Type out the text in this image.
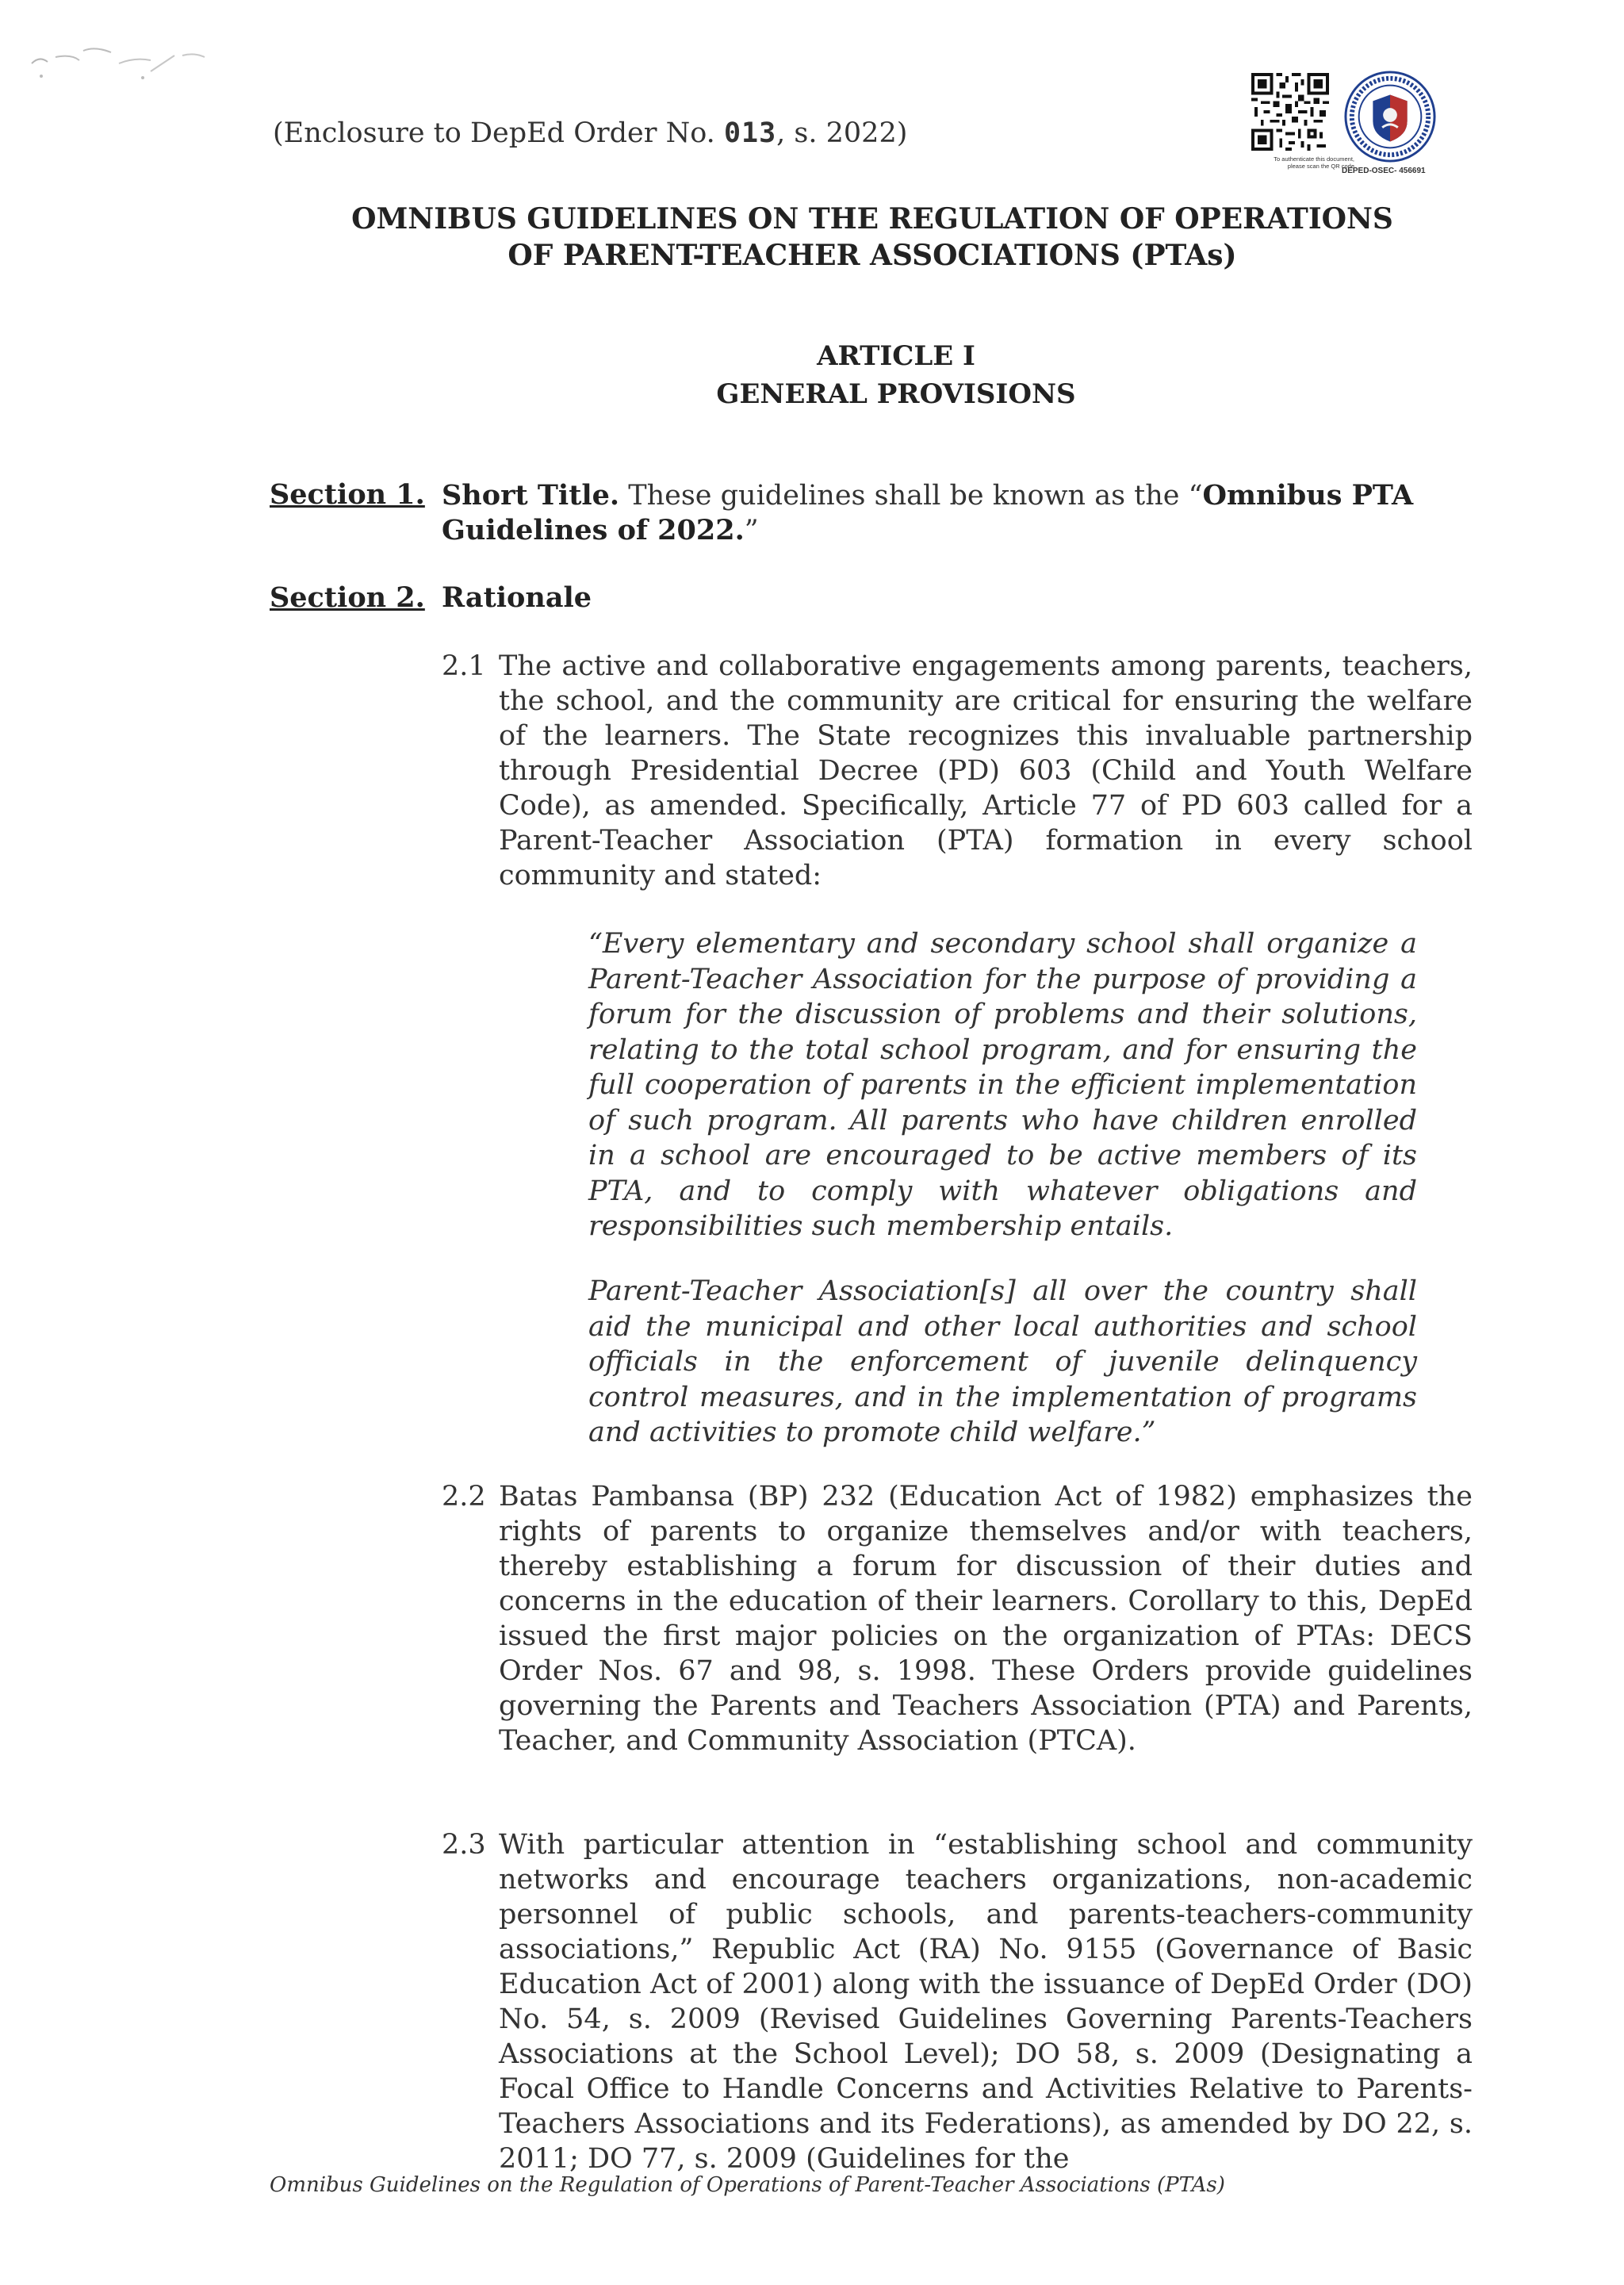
(Enclosure to DepEd Order No. 013, s. 2022)
To authenticate this document,
please scan the QR code
DEPED-OSEC- 456691
OMNIBUS GUIDELINES ON THE REGULATION OF OPERATIONS
OF PARENT-TEACHER ASSOCIATIONS (PTAs)
ARTICLE I
GENERAL PROVISIONS
Section 1. Short Title. These guidelines shall be known as the “Omnibus PTA Guidelines of 2022.”
Section 2. Rationale
2.1 The active and collaborative engagements among parents, teachers, the school, and the community are critical for ensuring the welfare of the learners. The State recognizes this invaluable partnership through Presidential Decree (PD) 603 (Child and Youth Welfare Code), as amended. Specifically, Article 77 of PD 603 called for a Parent-Teacher Association (PTA) formation in every school community and stated:
“Every elementary and secondary school shall organize a Parent-Teacher Association for the purpose of providing a forum for the discussion of problems and their solutions, relating to the total school program, and for ensuring the full cooperation of parents in the efficient implementation of such program. All parents who have children enrolled in a school are encouraged to be active members of its PTA, and to comply with whatever obligations and responsibilities such membership entails.
Parent-Teacher Association[s] all over the country shall aid the municipal and other local authorities and school officials in the enforcement of juvenile delinquency control measures, and in the implementation of programs and activities to promote child welfare.”
2.2 Batas Pambansa (BP) 232 (Education Act of 1982) emphasizes the rights of parents to organize themselves and/or with teachers, thereby establishing a forum for discussion of their duties and concerns in the education of their learners. Corollary to this, DepEd issued the first major policies on the organization of PTAs: DECS Order Nos. 67 and 98, s. 1998. These Orders provide guidelines governing the Parents and Teachers Association (PTA) and Parents, Teacher, and Community Association (PTCA).
2.3 With particular attention in “establishing school and community networks and encourage teachers organizations, non-academic personnel of public schools, and parents-teachers-community associations,” Republic Act (RA) No. 9155 (Governance of Basic Education Act of 2001) along with the issuance of DepEd Order (DO) No. 54, s. 2009 (Revised Guidelines Governing Parents-Teachers Associations at the School Level); DO 58, s. 2009 (Designating a Focal Office to Handle Concerns and Activities Relative to Parents-Teachers Associations and its Federations), as amended by DO 22, s. 2011; DO 77, s. 2009 (Guidelines for the
Omnibus Guidelines on the Regulation of Operations of Parent-Teacher Associations (PTAs)
